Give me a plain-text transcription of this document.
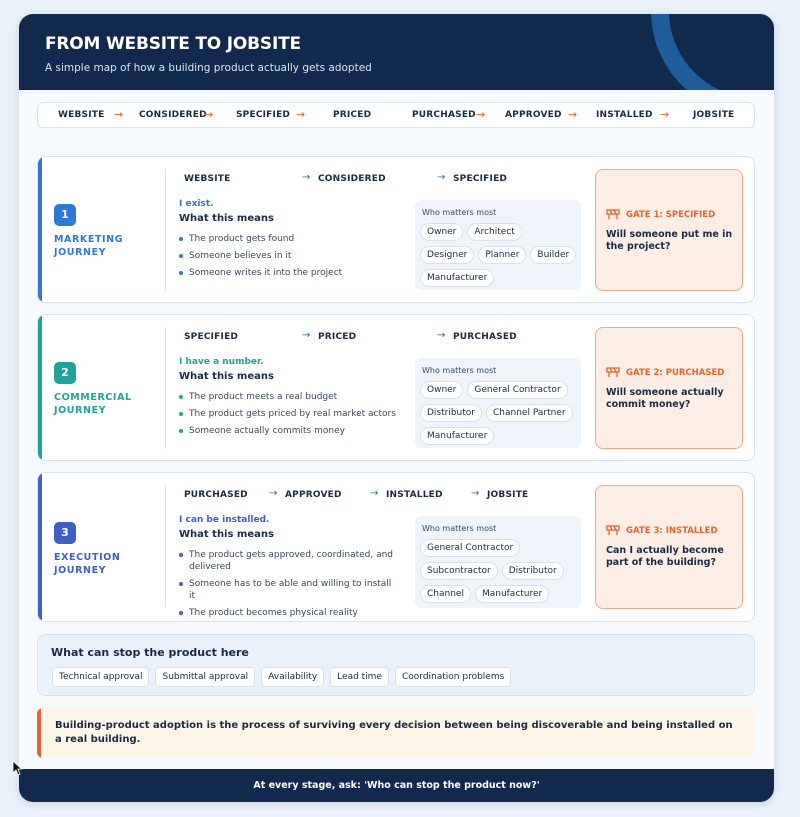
FROM WEBSITE TO JOBSITE
A simple map of how a building product actually gets adopted
WEBSITE → CONSIDERED
→	SPECIFIED →	PRICED	PURCHASED → APPROVED → INSTALLED →	JOBSITE
1
MARKETING JOURNEY
WEBSITE	→ CONSIDERED	→ SPECIFIED
I exist.
What this means
The product gets found
Someone believes in it
Someone writes it into the project
Who matters most
Owner	Architect
Designer	Planner	Builder
Manufacturer
GATE 1: SPECIFIED
Will someone put me in the project?
2
COMMERCIAL JOURNEY
SPECIFIED	→ PRICED	→ PURCHASED
I have a number.
What this means
The product meets a real budget
The product gets priced by real market actors
Someone actually commits money
Who matters most
Owner	General Contractor
Distributor	Channel Partner
Manufacturer
GATE 2: PURCHASED
Will someone actually commit money?
3
EXECUTION JOURNEY
PURCHASED → APPROVED	→ INSTALLED	→ JOBSITE
I can be installed.
What this means
The product gets approved, coordinated, and delivered
Someone has to be able and willing to install it
The product becomes physical reality
Who matters most
General Contractor
Subcontractor	Distributor
Channel	Manufacturer
GATE 3: INSTALLED
Can I actually become part of the building?
What can stop the product here
Technical approval	Submittal approval	Availability	Lead time	Coordination problems
Building-product adoption is the process of surviving every decision between being discoverable and being installed on a real building.
At every stage, ask: 'Who can stop the product now?'
